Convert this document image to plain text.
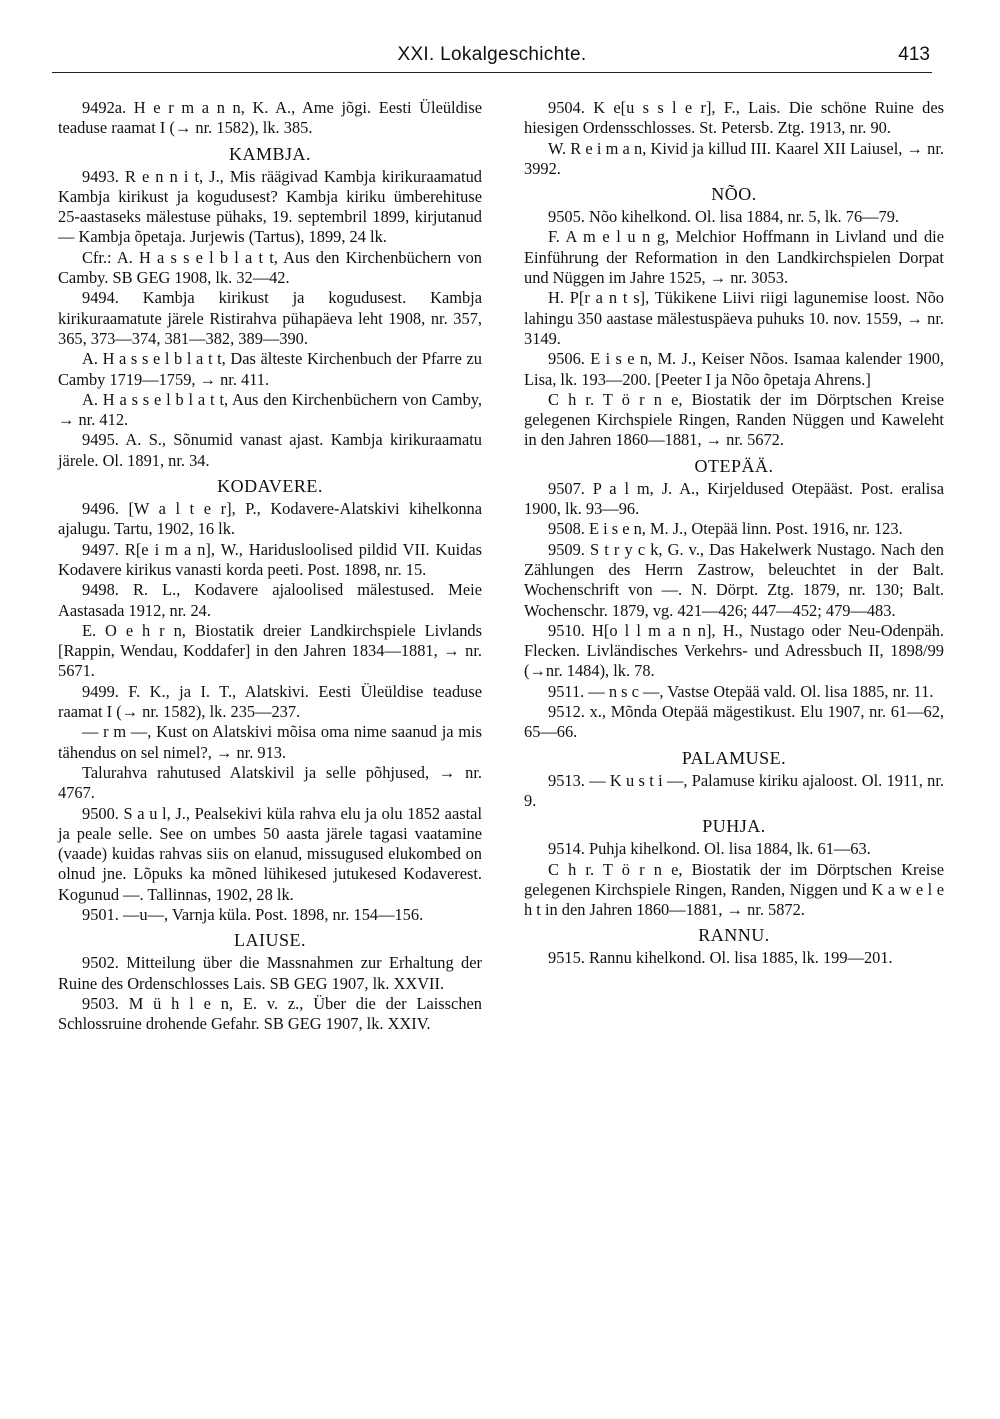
XXI. Lokalgeschichte.	413

9492a. H e r m a n n, K. A., Ame jõgi. Eesti Üleüldise teaduse raamat I (→ nr. 1582), lk. 385.

KAMBJA.

9493. R e n n i t, J., Mis räägivad Kambja kirikuraamatud Kambja kirikust ja kogudusest? Kambja kiriku ümberehituse 25-aastaseks mälestuse pühaks, 19. septembril 1899, kirjutanud — Kambja õpetaja. Jurjewis (Tartus), 1899, 24 lk.

Cfr.: A. H a s s e l b l a t t, Aus den Kirchenbüchern von Camby. SB GEG 1908, lk. 32—42.

9494. Kambja kirikust ja kogudusest. Kambja kirikuraamatute järele Ristirahva pühapäeva leht 1908, nr. 357, 365, 373—374, 381—382, 389—390.

A. H a s s e l b l a t t, Das älteste Kirchenbuch der Pfarre zu Camby 1719—1759, → nr. 411.

A. H a s s e l b l a t t, Aus den Kirchenbüchern von Camby, → nr. 412.

9495. A. S., Sõnumid vanast ajast. Kambja kirikuraamatu järele. Ol. 1891, nr. 34.

KODAVERE.

9496. [W a l t e r], P., Kodavere-Alatskivi kihelkonna ajalugu. Tartu, 1902, 16 lk.

9497. R[e i m a n], W., Haridusloolised pildid VII. Kuidas Kodavere kirikus vanasti korda peeti. Post. 1898, nr. 15.

9498. R. L., Kodavere ajaloolised mälestused. Meie Aastasada 1912, nr. 24.

E. O e h r n, Biostatik dreier Landkirchspiele Livlands [Rappin, Wendau, Koddafer] in den Jahren 1834—1881, → nr. 5671.

9499. F. K., ja I. T., Alatskivi. Eesti Üleüldise teaduse raamat I (→ nr. 1582), lk. 235—237.

— r m —, Kust on Alatskivi mõisa oma nime saanud ja mis tähendus on sel nimel?, → nr. 913.

Talurahva rahutused Alatskivil ja selle põhjused, → nr. 4767.

9500. S a u l, J., Pealsekivi küla rahva elu ja olu 1852 aastal ja peale selle. See on umbes 50 aasta järele tagasi vaatamine (vaade) kuidas rahvas siis on elanud, missugused elukombed on olnud jne. Lõpuks ka mõned lühikesed jutukesed Kodaverest. Kogunud —. Tallinnas, 1902, 28 lk.

9501. —u—, Varnja küla. Post. 1898, nr. 154—156.

LAIUSE.

9502. Mitteilung über die Massnahmen zur Erhaltung der Ruine des Ordenschlosses Lais. SB GEG 1907, lk. XXVII.

9503. M ü h l e n, E. v. z., Über die der Laisschen Schlossruine drohende Gefahr. SB GEG 1907, lk. XXIV.

9504. K e[u s s l e r], F., Lais. Die schöne Ruine des hiesigen Ordensschlosses. St. Petersb. Ztg. 1913, nr. 90.

W. R e i m a n, Kivid ja killud III. Kaarel XII Laiusel, → nr. 3992.

NÕO.

9505. Nõo kihelkond. Ol. lisa 1884, nr. 5, lk. 76—79.

F. A m e l u n g, Melchior Hoffmann in Livland und die Einführung der Reformation in den Landkirchspielen Dorpat und Nüggen im Jahre 1525, → nr. 3053.

H. P[r a n t s], Tükikene Liivi riigi lagunemise loost. Nõo lahingu 350 aastase mälestuspäeva puhuks 10. nov. 1559, → nr. 3149.

9506. E i s e n, M. J., Keiser Nõos. Isamaa kalender 1900, Lisa, lk. 193—200. [Peeter I ja Nõo õpetaja Ahrens.]

C h r. T ö r n e, Biostatik der im Dörptschen Kreise gelegenen Kirchspiele Ringen, Randen Nüggen und Kaweleht in den Jahren 1860—1881, → nr. 5672.

OTEPÄÄ.

9507. P a l m, J. A., Kirjeldused Otepääst. Post. eralisa 1900, lk. 93—96.

9508. E i s e n, M. J., Otepää linn. Post. 1916, nr. 123.

9509. S t r y c k, G. v., Das Hakelwerk Nustago. Nach den Zählungen des Herrn Zastrow, beleuchtet in der Balt. Wochenschrift von —. N. Dörpt. Ztg. 1879, nr. 130; Balt. Wochenschr. 1879, vg. 421—426; 447—452; 479—483.

9510. H[o l l m a n n], H., Nustago oder Neu-Odenpäh. Flecken. Livländisches Verkehrs- und Adressbuch II, 1898/99 (→nr. 1484), lk. 78.

9511. — n s c —, Vastse Otepää vald. Ol. lisa 1885, nr. 11.

9512. x., Mõnda Otepää mägestikust. Elu 1907, nr. 61—62, 65—66.

PALAMUSE.

9513. — K u s t i —, Palamuse kiriku ajaloost. Ol. 1911, nr. 9.

PUHJA.

9514. Puhja kihelkond. Ol. lisa 1884, lk. 61—63.

C h r. T ö r n e, Biostatik der im Dörptschen Kreise gelegenen Kirchspiele Ringen, Randen, Niggen und K a w e l e h t in den Jahren 1860—1881, → nr. 5872.

RANNU.

9515. Rannu kihelkond. Ol. lisa 1885, lk. 199—201.
